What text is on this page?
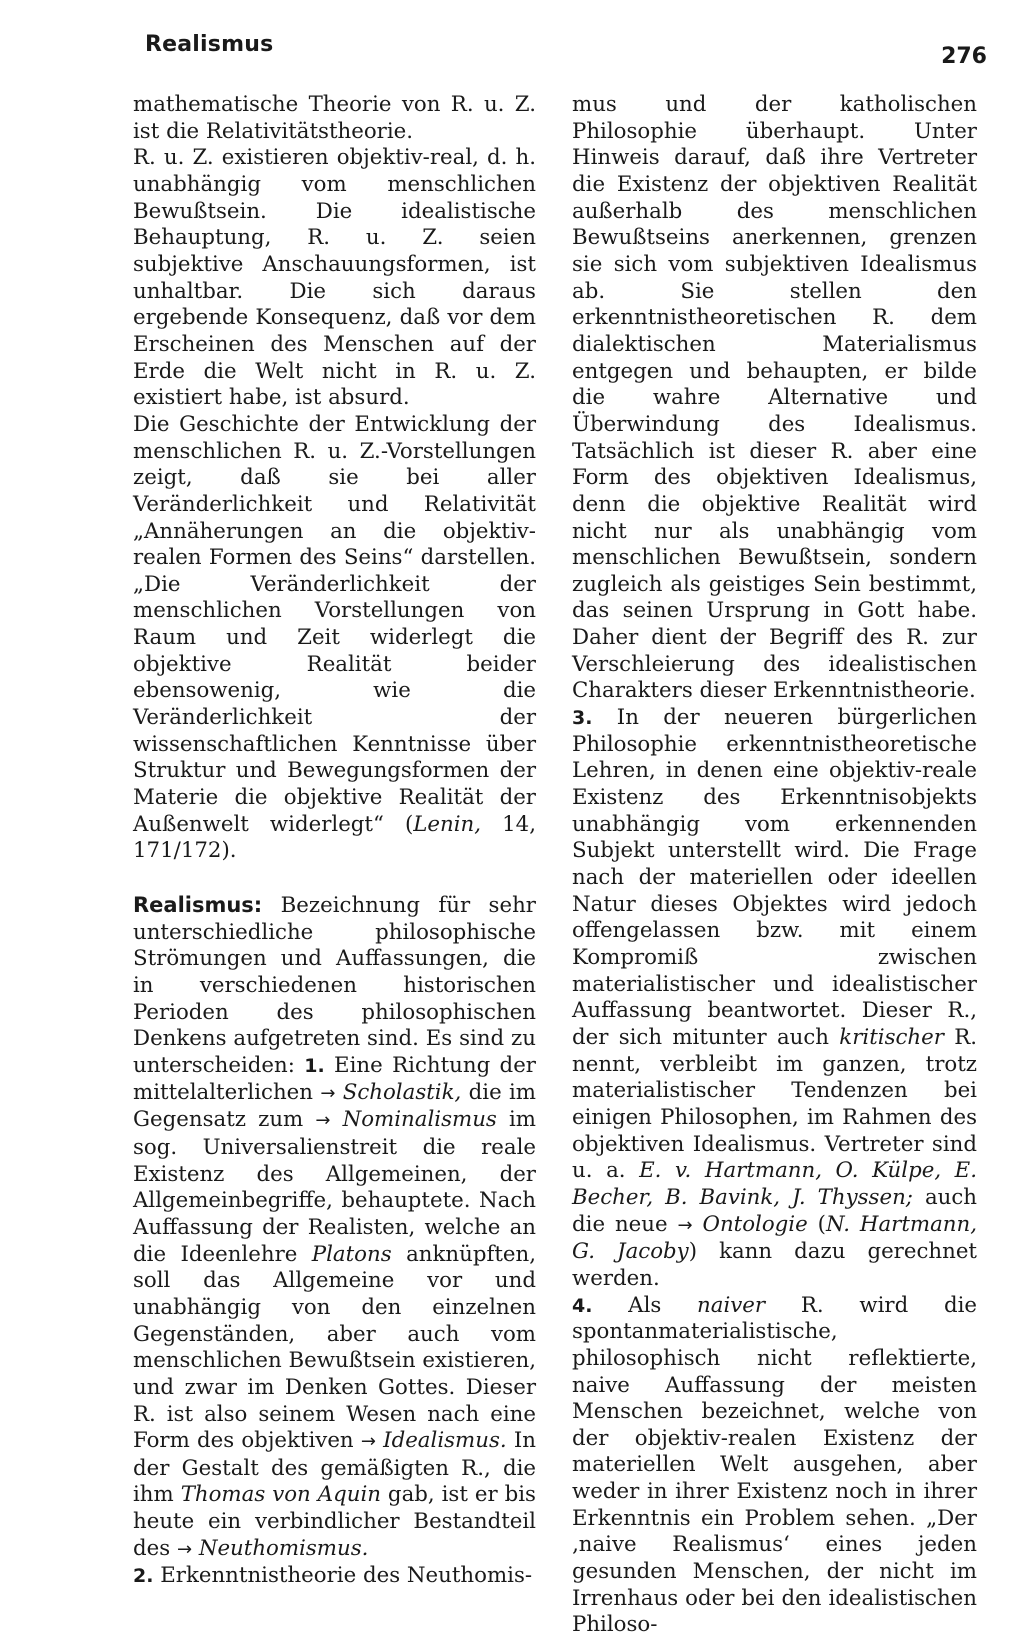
Realismus	276

mathematische Theorie von R. u. Z. ist die Relativitätstheorie.

R. u. Z. existieren objektiv-real, d. h. unabhängig vom menschlichen Bewußtsein. Die idealistische Behauptung, R. u. Z. seien subjektive Anschauungsformen, ist unhaltbar. Die sich daraus ergebende Konsequenz, daß vor dem Erscheinen des Menschen auf der Erde die Welt nicht in R. u. Z. existiert habe, ist absurd.

Die Geschichte der Entwicklung der menschlichen R. u. Z.-Vorstellungen zeigt, daß sie bei aller Veränderlichkeit und Relativität „Annäherungen an die objektiv-realen Formen des Seins“ darstellen. „Die Veränderlichkeit der menschlichen Vorstellungen von Raum und Zeit widerlegt die objektive Realität beider ebensowenig, wie die Veränderlichkeit der wissenschaftlichen Kenntnisse über Struktur und Bewegungsformen der Materie die objektive Realität der Außenwelt widerlegt“ (Lenin, 14, 171/172).

Realismus: Bezeichnung für sehr unterschiedliche philosophische Strömungen und Auffassungen, die in verschiedenen historischen Perioden des philosophischen Denkens aufgetreten sind. Es sind zu unterscheiden: 1. Eine Richtung der mittelalterlichen → Scholastik, die im Gegensatz zum → Nominalismus im sog. Universalienstreit die reale Existenz des Allgemeinen, der Allgemeinbegriffe, behauptete. Nach Auffassung der Realisten, welche an die Ideenlehre Platons anknüpften, soll das Allgemeine vor und unabhängig von den einzelnen Gegenständen, aber auch vom menschlichen Bewußtsein existieren, und zwar im Denken Gottes. Dieser R. ist also seinem Wesen nach eine Form des objektiven → Idealismus. In der Gestalt des gemäßigten R., die ihm Thomas von Aquin gab, ist er bis heute ein verbindlicher Bestandteil des → Neuthomismus.

2. Erkenntnistheorie des Neuthomis-

mus und der katholischen Philosophie überhaupt. Unter Hinweis darauf, daß ihre Vertreter die Existenz der objektiven Realität außerhalb des menschlichen Bewußtseins anerkennen, grenzen sie sich vom subjektiven Idealismus ab. Sie stellen den erkenntnistheoretischen R. dem dialektischen Materialismus entgegen und behaupten, er bilde die wahre Alternative und Überwindung des Idealismus. Tatsächlich ist dieser R. aber eine Form des objektiven Idealismus, denn die objektive Realität wird nicht nur als unabhängig vom menschlichen Bewußtsein, sondern zugleich als geistiges Sein bestimmt, das seinen Ursprung in Gott habe. Daher dient der Begriff des R. zur Verschleierung des idealistischen Charakters dieser Erkenntnistheorie.

3. In der neueren bürgerlichen Philosophie erkenntnistheoretische Lehren, in denen eine objektiv-reale Existenz des Erkenntnisobjekts unabhängig vom erkennenden Subjekt unterstellt wird. Die Frage nach der materiellen oder ideellen Natur dieses Objektes wird jedoch offengelassen bzw. mit einem Kompromiß zwischen materialistischer und idealistischer Auffassung beantwortet. Dieser R., der sich mitunter auch kritischer R. nennt, verbleibt im ganzen, trotz materialistischer Tendenzen bei einigen Philosophen, im Rahmen des objektiven Idealismus. Vertreter sind u. a. E. v. Hartmann, O. Külpe, E. Becher, B. Bavink, J. Thyssen; auch die neue → Ontologie (N. Hartmann, G. Jacoby) kann dazu gerechnet werden.

4. Als naiver R. wird die spontanmaterialistische, philosophisch nicht reflektierte, naive Auffassung der meisten Menschen bezeichnet, welche von der objektiv-realen Existenz der materiellen Welt ausgehen, aber weder in ihrer Existenz noch in ihrer Erkenntnis ein Problem sehen. „Der ‚naive Realismus‘ eines jeden gesunden Menschen, der nicht im Irrenhaus oder bei den idealistischen Philoso-
